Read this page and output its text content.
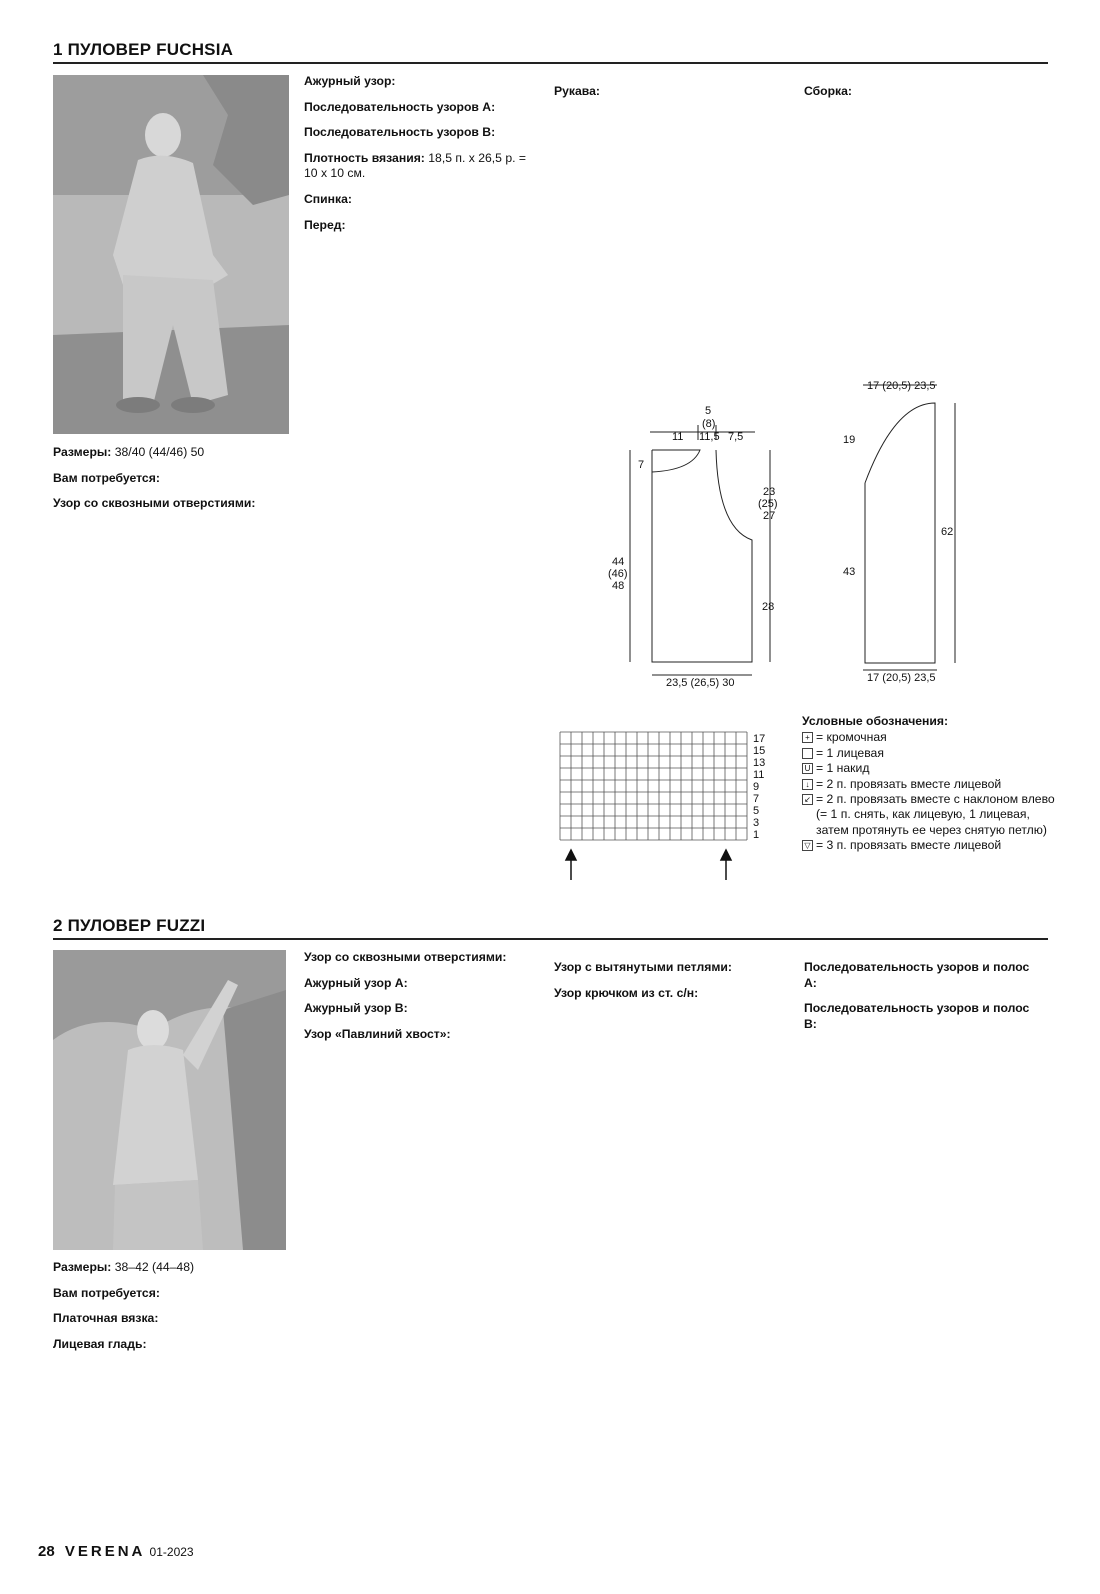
1 ПУЛОВЕР FUCHSIA

Размеры: 38/40 (44/46) 50

Вам потребуется:

Узор со сквозными отверстиями:

Ажурный узор:

Последовательность узоров А:

Последовательность узоров В:

Плотность вязания: 18,5 п. x 26,5 р. = 10 х 10 см.

Спинка:

Перед:

Рукава:	Сборка:

11
5
(8)
11,5 7,5
7
23
(25)
27
44
(46)
48
28
23,5 (26,5) 30
17 (20,5) 23,5
19
62
43
17 (20,5) 23,5
17
15
13
11
9
7
5
3
1
Условные обозначения:
+ = кромочная
= 1 лицевая
U = 1 накид
↓ = 2 п. провязать вместе лицевой
↙ = 2 п. провязать вместе с наклоном влево (= 1 п. снять, как лицевую, 1 лицевая, затем протянуть ее через снятую петлю)
▽ = 3 п. провязать вместе лицевой
2 ПУЛОВЕР FUZZI

Размеры: 38–42 (44–48)

Вам потребуется:

Платочная вязка:

Лицевая гладь:

Узор со сквозными отверстиями:

Ажурный узор А:

Ажурный узор В:

Узор «Павлиний хвост»:

Узор с вытянутыми петлями:

Узор крючком из ст. с/н:

Последовательность узоров и полос А:

Последовательность узоров и полос В:

28 VERENA 01-2023
